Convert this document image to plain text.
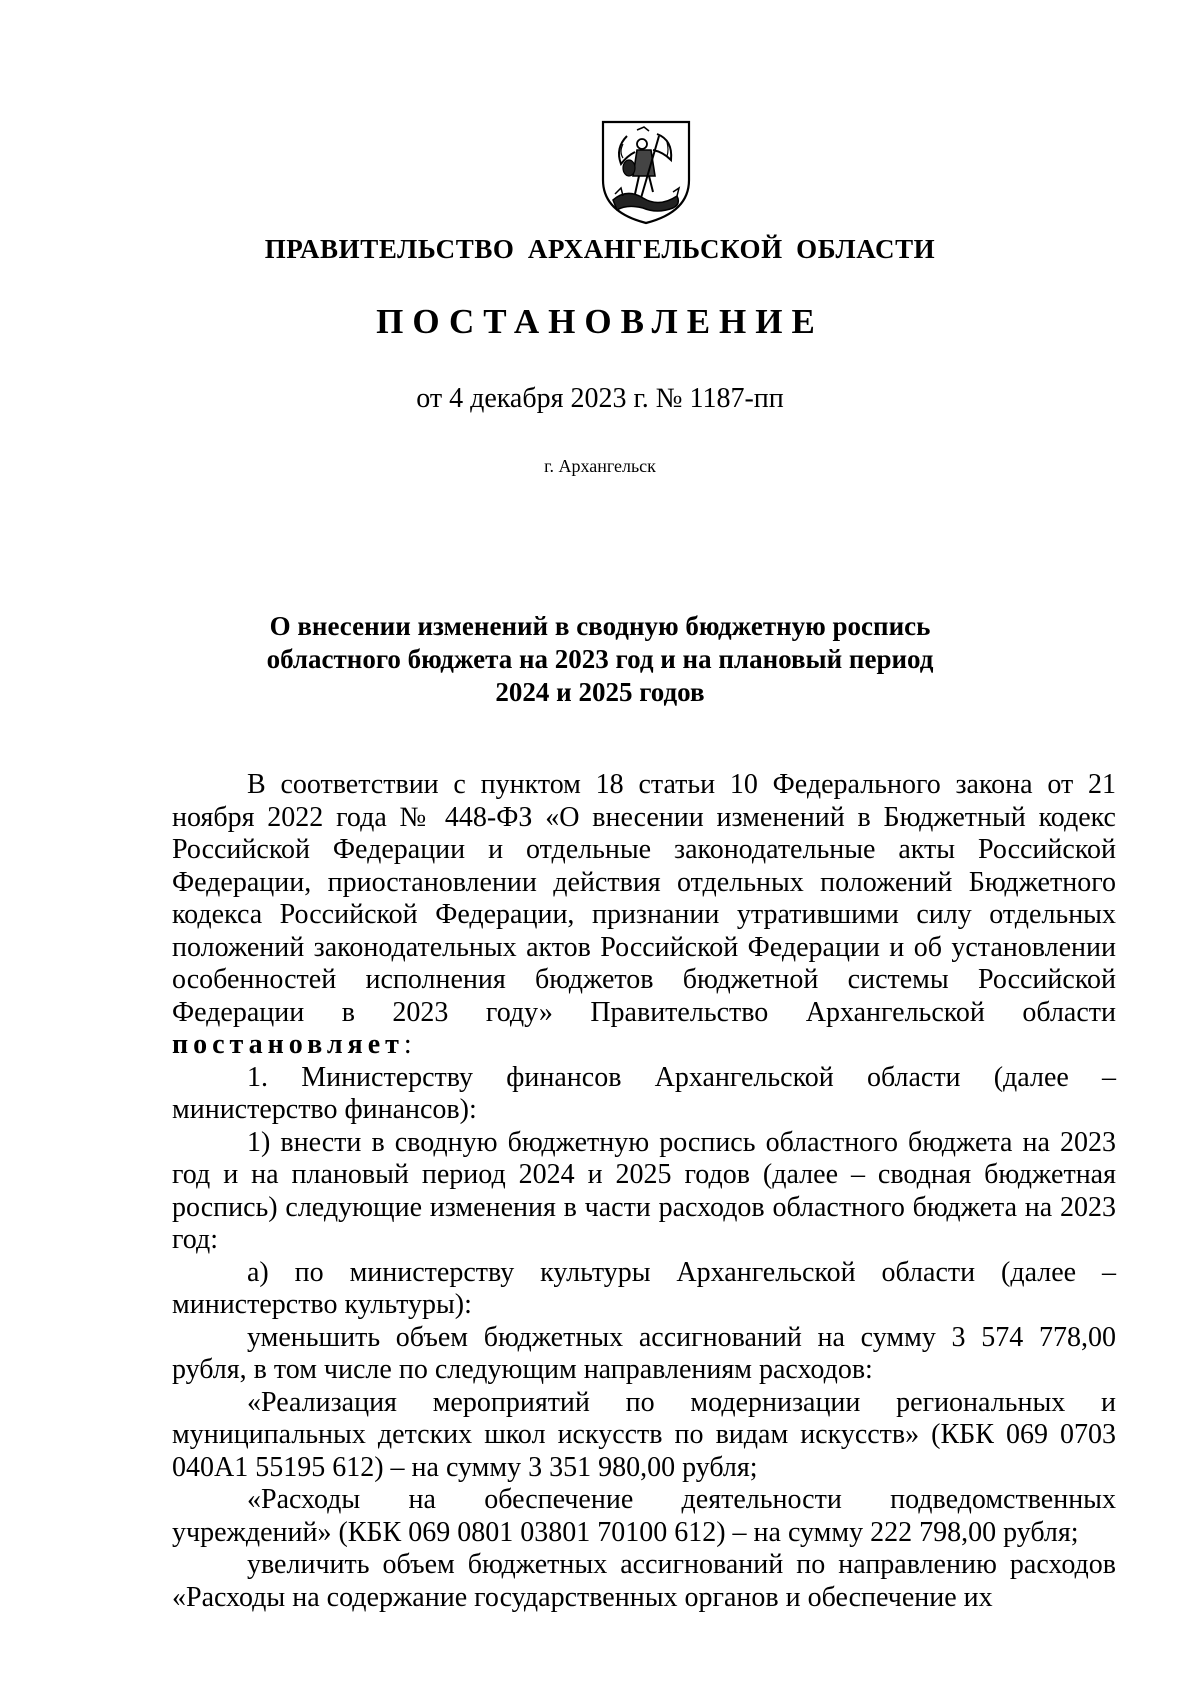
ПРАВИТЕЛЬСТВО АРХАНГЕЛЬСКОЙ ОБЛАСТИ
ПОСТАНОВЛЕНИЕ
от 4 декабря 2023 г. № 1187-пп
г. Архангельск
О внесении изменений в сводную бюджетную роспись
областного бюджета на 2023 год и на плановый период
2024 и 2025 годов

В соответствии с пунктом 18 статьи 10 Федерального закона от 21 ноября 2022 года № 448-ФЗ «О внесении изменений в Бюджетный кодекс Российской Федерации и отдельные законодательные акты Российской Федерации, приостановлении действия отдельных положений Бюджетного кодекса Российской Федерации, признании утратившими силу отдельных положений законодательных актов Российской Федерации и об установлении особенностей исполнения бюджетов бюджетной системы Российской Федерации в 2023 году» Правительство Архангельской области постановляет:

1. Министерству финансов Архангельской области (далее – министерство финансов):

1) внести в сводную бюджетную роспись областного бюджета на 2023 год и на плановый период 2024 и 2025 годов (далее – сводная бюджетная роспись) следующие изменения в части расходов областного бюджета на 2023 год:

а) по министерству культуры Архангельской области (далее – министерство культуры):

уменьшить объем бюджетных ассигнований на сумму 3 574 778,00 рубля, в том числе по следующим направлениям расходов:

«Реализация мероприятий по модернизации региональных и муниципальных детских школ искусств по видам искусств» (КБК 069 0703 040А1 55195 612) – на сумму 3 351 980,00 рубля;

«Расходы на обеспечение деятельности подведомственных учреждений» (КБК 069 0801 03801 70100 612) – на сумму 222 798,00 рубля;

увеличить объем бюджетных ассигнований по направлению расходов «Расходы на содержание государственных органов и обеспечение их
